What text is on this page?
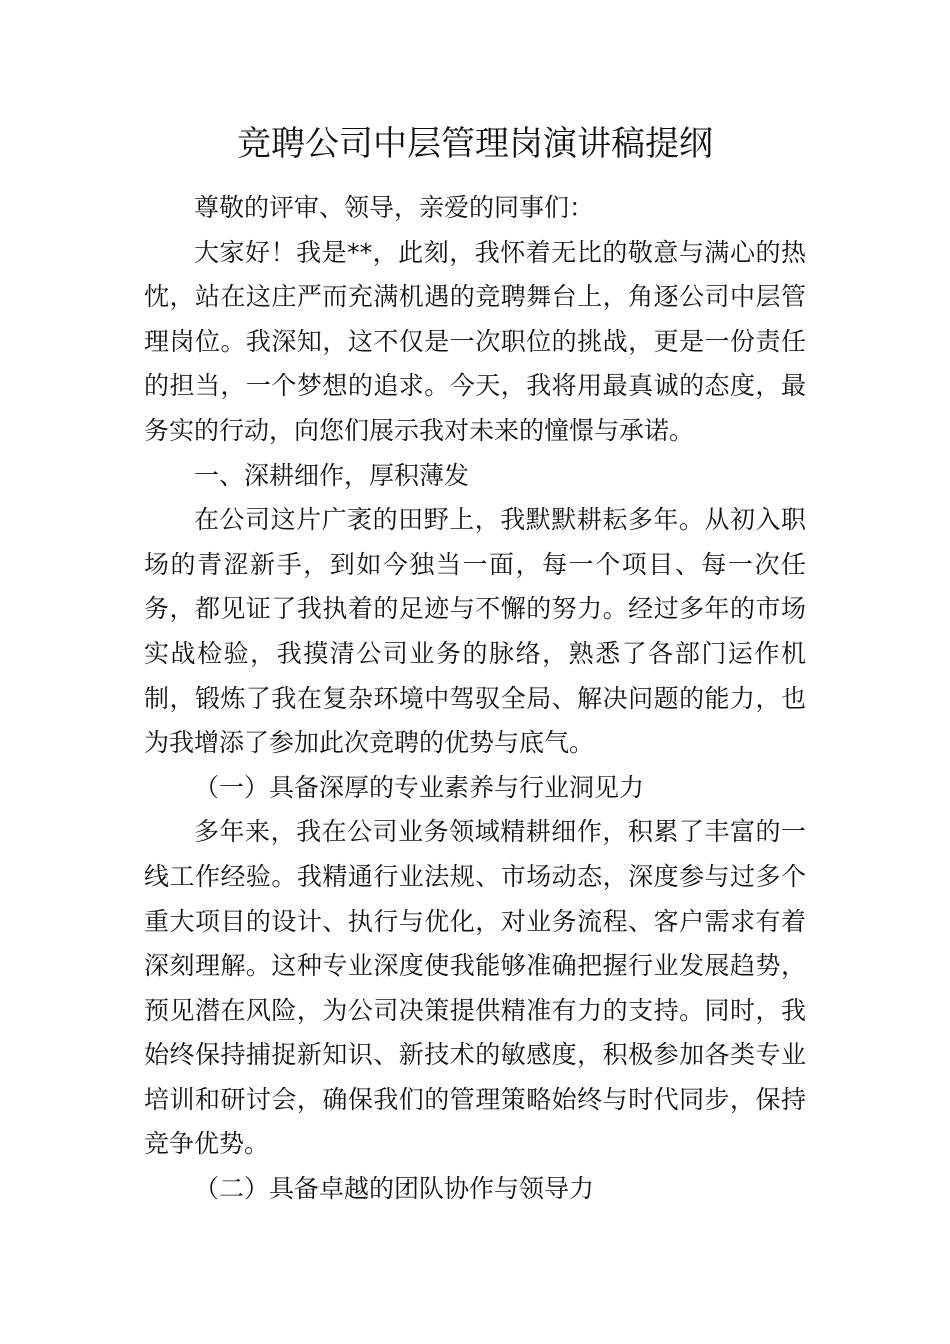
竞聘公司中层管理岗演讲稿提纲

尊敬的评审、领导，亲爱的同事们：

大家好！我是**，此刻，我怀着无比的敬意与满心的热忱，站在这庄严而充满机遇的竞聘舞台上，角逐公司中层管理岗位。我深知，这不仅是一次职位的挑战，更是一份责任的担当，一个梦想的追求。今天，我将用最真诚的态度，最务实的行动，向您们展示我对未来的憧憬与承诺。

一、深耕细作，厚积薄发

在公司这片广袤的田野上，我默默耕耘多年。从初入职场的青涩新手，到如今独当一面，每一个项目、每一次任务，都见证了我执着的足迹与不懈的努力。经过多年的市场实战检验，我摸清公司业务的脉络，熟悉了各部门运作机制，锻炼了我在复杂环境中驾驭全局、解决问题的能力，也为我增添了参加此次竞聘的优势与底气。

（一）具备深厚的专业素养与行业洞见力

多年来，我在公司业务领域精耕细作，积累了丰富的一线工作经验。我精通行业法规、市场动态，深度参与过多个重大项目的设计、执行与优化，对业务流程、客户需求有着深刻理解。这种专业深度使我能够准确把握行业发展趋势，预见潜在风险，为公司决策提供精准有力的支持。同时，我始终保持捕捉新知识、新技术的敏感度，积极参加各类专业培训和研讨会，确保我们的管理策略始终与时代同步，保持竞争优势。

（二）具备卓越的团队协作与领导力
